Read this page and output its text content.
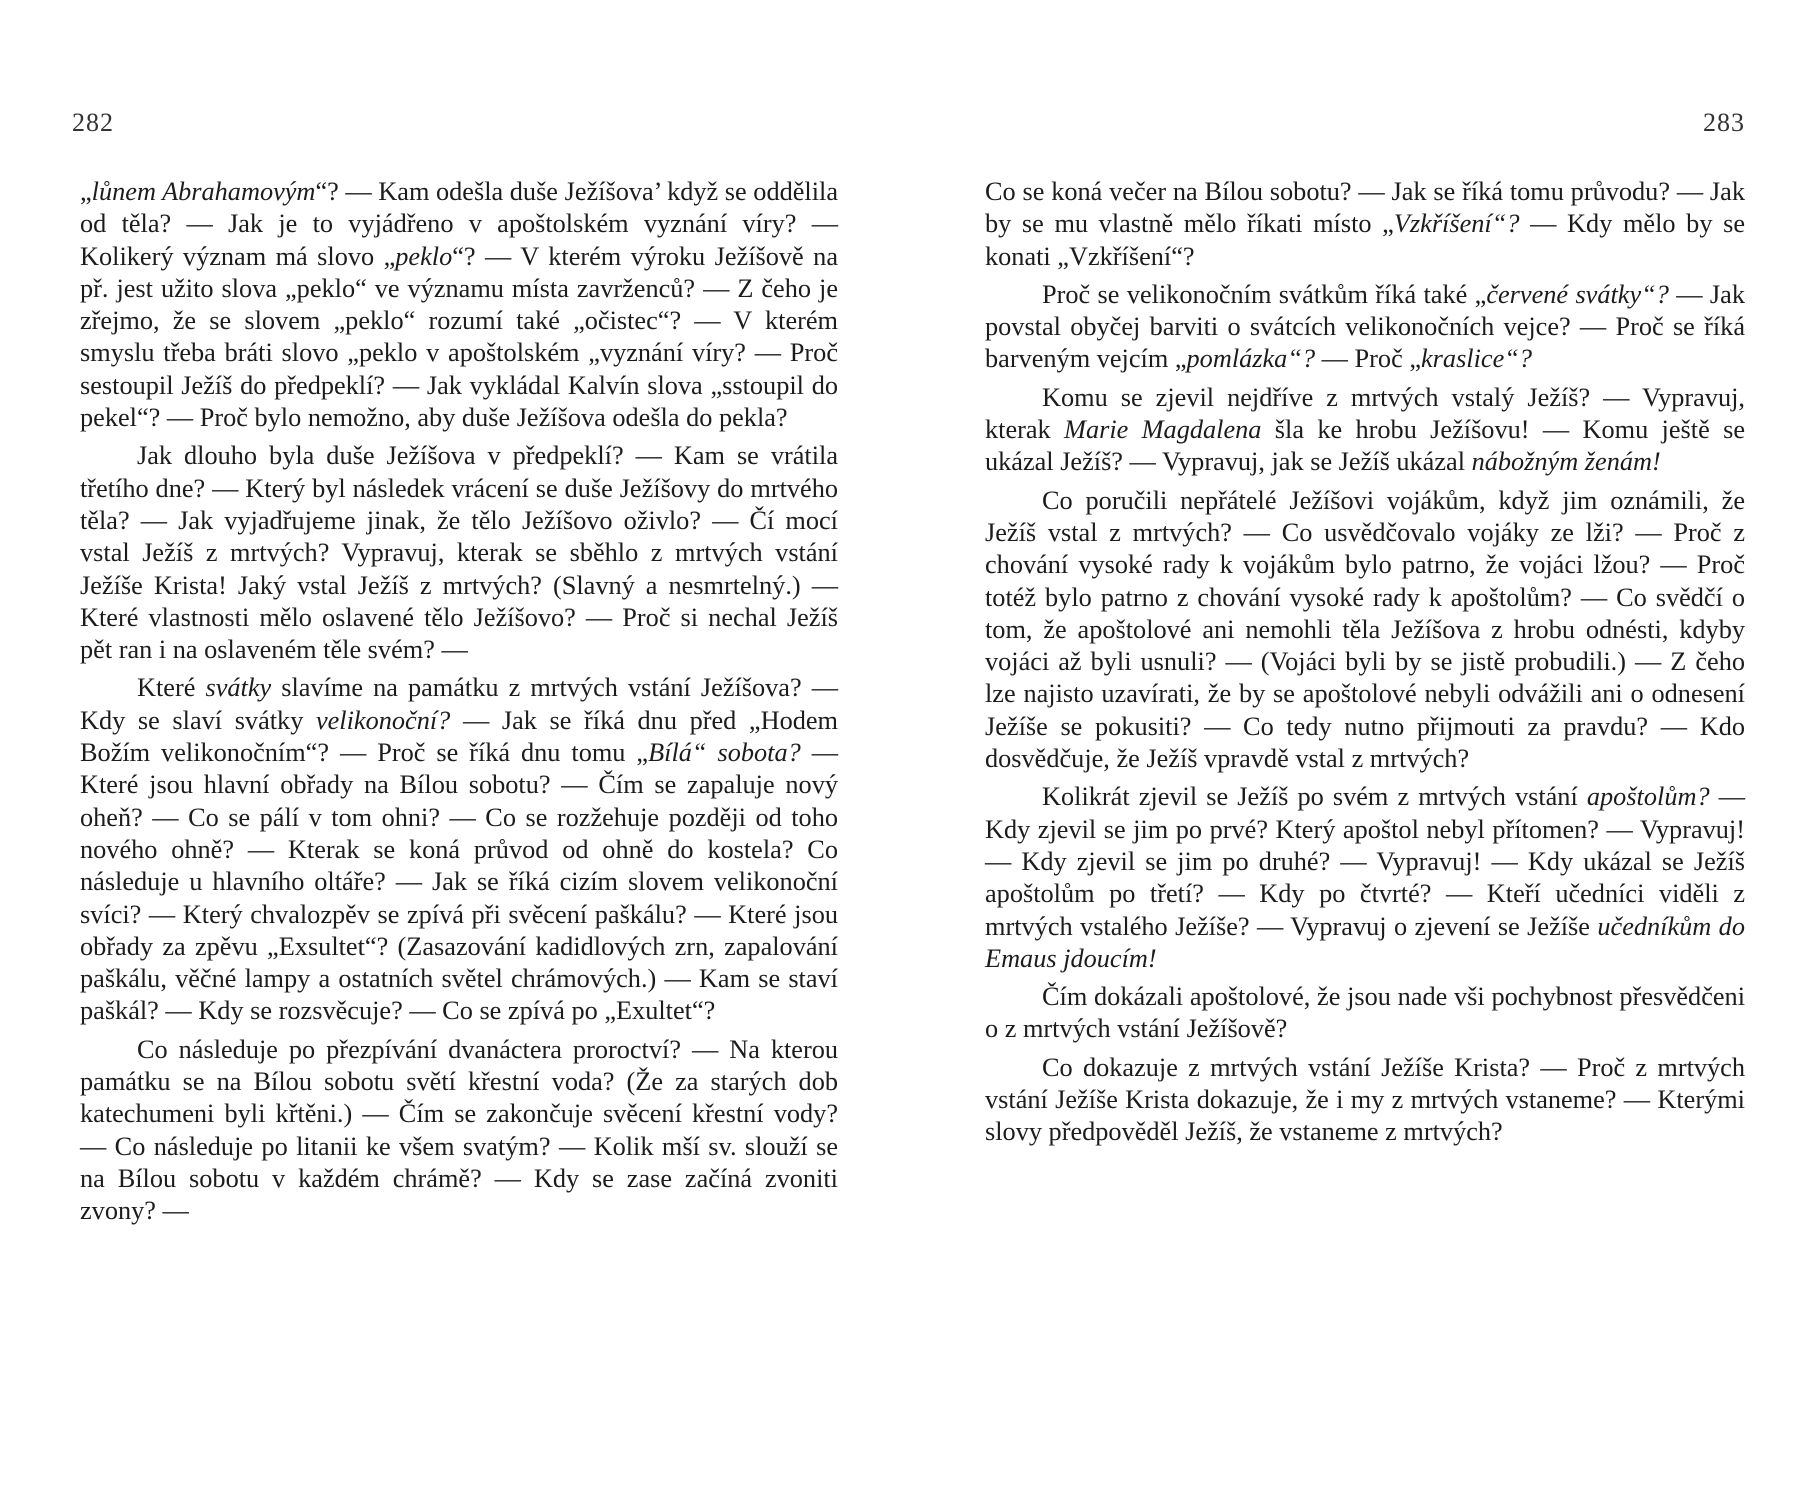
282

„lůnem Abrahamovým“? — Kam odešla duše Ježíšova’ když se oddělila od těla? — Jak je to vyjádřeno v apoštolském vyznání víry? — Kolikerý význam má slovo „peklo“? — V kterém výroku Ježíšově na př. jest užito slova „peklo“ ve významu místa zavrženců? — Z čeho je zřejmo, že se slovem „peklo“ rozumí také „očistec“? — V kterém smyslu třeba bráti slovo „peklo v apoštolském „vyznání víry? — Proč sestoupil Ježíš do předpeklí? — Jak vykládal Kalvín slova „sstoupil do pekel“? — Proč bylo nemožno, aby duše Ježíšova odešla do pekla?

Jak dlouho byla duše Ježíšova v předpeklí? — Kam se vrátila třetího dne? — Který byl následek vrácení se duše Ježíšovy do mrtvého těla? — Jak vyjadřujeme jinak, že tělo Ježíšovo oživlo? — Čí mocí vstal Ježíš z mrtvých? Vypravuj, kterak se sběhlo z mrtvých vstání Ježíše Krista! Jaký vstal Ježíš z mrtvých? (Slavný a nesmrtelný.) — Které vlastnosti mělo oslavené tělo Ježíšovo? — Proč si nechal Ježíš pět ran i na oslaveném těle svém? —

Které svátky slavíme na památku z mrtvých vstání Ježíšova? — Kdy se slaví svátky velikonoční? — Jak se říká dnu před „Hodem Božím velikonočním“? — Proč se říká dnu tomu „Bílá“ sobota? — Které jsou hlavní obřady na Bílou sobotu? — Čím se zapaluje nový oheň? — Co se pálí v tom ohni? — Co se rozžehuje později od toho nového ohně? — Kterak se koná průvod od ohně do kostela? Co následuje u hlavního oltáře? — Jak se říká cizím slovem velikonoční svíci? — Který chvalozpěv se zpívá při svěcení paškálu? — Které jsou obřady za zpěvu „Exsultet“? (Zasazování kadidlových zrn, zapalování paškálu, věčné lampy a ostatních světel chrámových.) — Kam se staví paškál? — Kdy se rozsvěcuje? — Co se zpívá po „Exultet“?

Co následuje po přezpívání dvanáctera proroctví? — Na kterou památku se na Bílou sobotu světí křestní voda? (Že za starých dob katechumeni byli křtěni.) — Čím se zakončuje svěcení křestní vody? — Co následuje po litanii ke všem svatým? — Kolik mší sv. slouží se na Bílou sobotu v každém chrámě? — Kdy se zase začíná zvoniti zvony? —

283

Co se koná večer na Bílou sobotu? — Jak se říká tomu průvodu? — Jak by se mu vlastně mělo říkati místo „Vzkříšení“? — Kdy mělo by se konati „Vzkříšení“?

Proč se velikonočním svátkům říká také „červené svátky“? — Jak povstal obyčej barviti o svátcích velikonočních vejce? — Proč se říká barveným vejcím „pomlázka“? — Proč „kraslice“?

Komu se zjevil nejdříve z mrtvých vstalý Ježíš? — Vypravuj, kterak Marie Magdalena šla ke hrobu Ježíšovu! — Komu ještě se ukázal Ježíš? — Vypravuj, jak se Ježíš ukázal nábožným ženám!

Co poručili nepřátelé Ježíšovi vojákům, když jim oznámili, že Ježíš vstal z mrtvých? — Co usvědčovalo vojáky ze lži? — Proč z chování vysoké rady k vojákům bylo patrno, že vojáci lžou? — Proč totéž bylo patrno z chování vysoké rady k apoštolům? — Co svědčí o tom, že apoštolové ani nemohli těla Ježíšova z hrobu odnésti, kdyby vojáci až byli usnuli? — (Vojáci byli by se jistě probudili.) — Z čeho lze najisto uzavírati, že by se apoštolové nebyli odvážili ani o odnesení Ježíše se pokusiti? — Co tedy nutno přijmouti za pravdu? — Kdo dosvědčuje, že Ježíš vpravdě vstal z mrtvých?

Kolikrát zjevil se Ježíš po svém z mrtvých vstání apoštolům? — Kdy zjevil se jim po prvé? Který apoštol nebyl přítomen? — Vypravuj! — Kdy zjevil se jim po druhé? — Vypravuj! — Kdy ukázal se Ježíš apoštolům po třetí? — Kdy po čtvrté? — Kteří učedníci viděli z mrtvých vstalého Ježíše? — Vypravuj o zjevení se Ježíše učedníkům do Emaus jdoucím!

Čím dokázali apoštolové, že jsou nade vši pochybnost přesvědčeni o z mrtvých vstání Ježíšově?

Co dokazuje z mrtvých vstání Ježíše Krista? — Proč z mrtvých vstání Ježíše Krista dokazuje, že i my z mrtvých vstaneme? — Kterými slovy předpověděl Ježíš, že vstaneme z mrtvých?
